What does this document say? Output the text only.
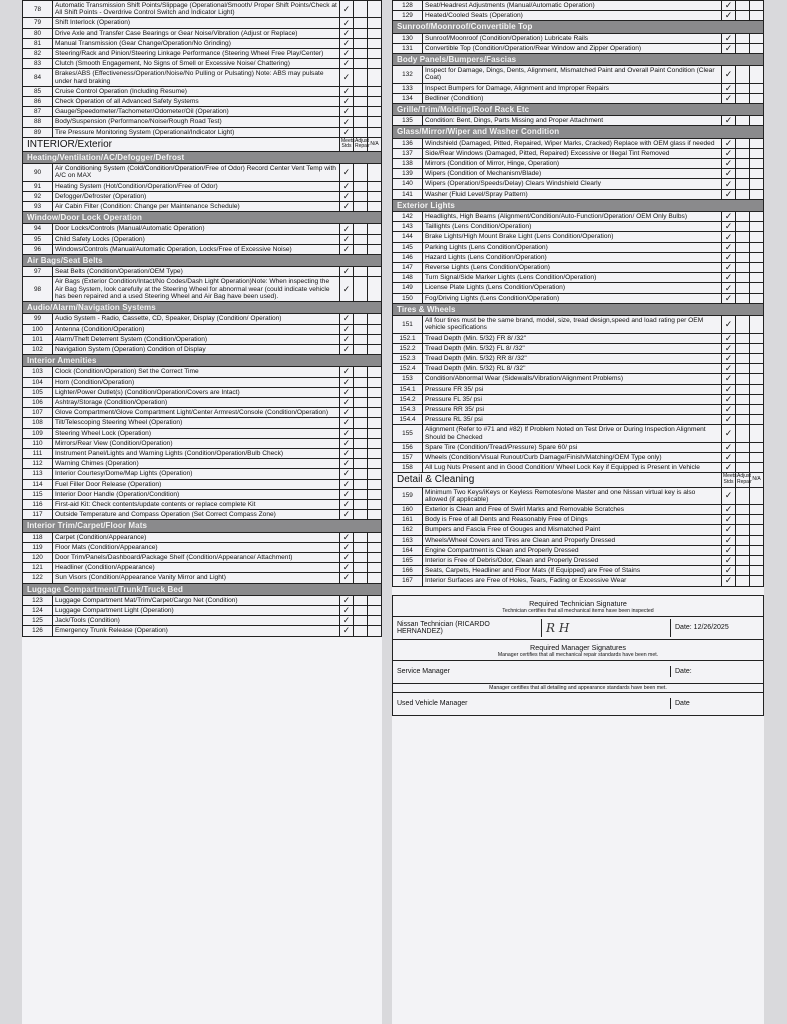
78	Automatic Transmission Shift Points/Slippage (Operational/Smooth/ Proper Shift Points/Check at All Shift Points - Overdrive Control Switch and Indicator Light)	✓		
79	Shift Interlock (Operation)	✓		
80	Drive Axle and Transfer Case Bearings or Gear Noise/Vibration (Adjust or Replace)	✓		
81	Manual Transmission (Gear Change/Operation/No Grinding)	✓		
82	Steering/Rack and Pinion/Steering Linkage Performance (Steering Wheel Free Play/Center)	✓		
83	Clutch (Smooth Engagement, No Signs of Smell or Excessive Noise/ Chattering)	✓		
84	Brakes/ABS (Effectiveness/Operation/Noise/No Pulling or Pulsating) Note: ABS may pulsate under hard braking	✓		
85	Cruise Control Operation (Including Resume)	✓		
86	Check Operation of all Advanced Safety Systems	✓		
87	Gauge/Speedometer/Tachometer/Odometer/Oil (Operation)	✓		
88	Body/Suspension (Performance/Noise/Rough Road Test)	✓		
89	Tire Pressure Monitoring System (Operational/Indicator Light)	✓		
INTERIOR/Exterior		Meets Stds	Adjust Repair	N/A
Heating/Ventilation/AC/Defogger/Defrost				
90	Air Conditioning System (Cold/Condition/Operation/Free of Odor) Record Center Vent Temp with A/C on MAX	✓		
91	Heating System (Hot/Condition/Operation/Free of Odor)	✓		
92	Defogger/Defroster (Operation)	✓		
93	Air Cabin Filter (Condition: Change per Maintenance Schedule)	✓		
Window/Door Lock Operation				
94	Door Locks/Controls (Manual/Automatic Operation)	✓		
95	Child Safety Locks (Operation)	✓		
96	Windows/Controls (Manual/Automatic Operation, Locks/Free of Excessive Noise)	✓		
Air Bags/Seat Belts				
97	Seat Belts (Condition/Operation/OEM Type)	✓		
98	Air Bags (Exterior Condition/Intact/No Codes/Dash Light Operation)Note: When inspecting the Air Bag System, look carefully at the Steering Wheel for abnormal wear (could indicate vehicle has been repaired and a used Steering Wheel and Air Bag have been used).	✓		
Audio/Alarm/Navigation Systems				
99	Audio System - Radio, Cassette, CD, Speaker, Display (Condition/ Operation)	✓		
100	Antenna (Condition/Operation)	✓		
101	Alarm/Theft Deterrent System (Condition/Operation)	✓		
102	Navigation System (Operation) Condition of Display	✓		
Interior Amenities				
103	Clock (Condition/Operation) Set the Correct Time	✓		
104	Horn (Condition/Operation)	✓		
105	Lighter/Power Outlet(s) (Condition/Operation/Covers are Intact)	✓		
106	Ashtray/Storage (Condition/Operation)	✓		
107	Glove Compartment/Glove Compartment Light/Center Armrest/Console (Condition/Operation)	✓		
108	Tilt/Telescoping Steering Wheel (Operation)	✓		
109	Steering Wheel Lock (Operation)	✓		
110	Mirrors/Rear View (Condition/Operation)	✓		
111	Instrument Panel/Lights and Warning Lights (Condition/Operation/Bulb Check)	✓		
112	Warning Chimes (Operation)	✓		
113	Interior Courtesy/Dome/Map Lights (Operation)	✓		
114	Fuel Filler Door Release (Operation)	✓		
115	Interior Door Handle (Operation/Condition)	✓		
116	First-aid Kit: Check contents/update contents or replace complete Kit	✓		
117	Outside Temperature and Compass Operation (Set Correct Compass Zone)	✓		
Interior Trim/Carpet/Floor Mats				
118	Carpet (Condition/Appearance)	✓		
119	Floor Mats (Condition/Appearance)	✓		
120	Door Trim/Panels/Dashboard/Package Shelf (Condition/Appearance/ Attachment)	✓		
121	Headliner (Condition/Appearance)	✓		
122	Sun Visors (Condition/Appearance Vanity Mirror and Light)	✓		
Luggage Compartment/Trunk/Truck Bed				
123	Luggage Compartment Mat/Trim/Carpet/Cargo Net (Condition)	✓		
124	Luggage Compartment Light (Operation)	✓		
125	Jack/Tools (Condition)	✓		
126	Emergency Trunk Release (Operation)	✓		
128	Seat/Headrest Adjustments (Manual/Automatic Operation)	✓		
129	Heated/Cooled Seats (Operation)	✓		
Sunroof/Moonroof/Convertible Top				
130	Sunroof/Moonroof (Condition/Operation) Lubricate Rails	✓		
131	Convertible Top (Condition/Operation/Rear Window and Zipper Operation)	✓		
Body Panels/Bumpers/Fascias				
132	Inspect for Damage, Dings, Dents, Alignment, Mismatched Paint and Overall Paint Condition (Clear Coat)	✓		
133	Inspect Bumpers for Damage, Alignment and Improper Repairs	✓		
134	Bedliner (Condition)	✓		
Grille/Trim/Molding/Roof Rack Etc				
135	Condition: Bent, Dings, Parts Missing and Proper Attachment	✓		
Glass/Mirror/Wiper and Washer Condition				
136	Windshield (Damaged, Pitted, Repaired, Wiper Marks, Cracked) Replace with OEM glass if needed	✓		
137	Side/Rear Windows (Damaged, Pitted, Repaired) Excessive or Illegal Tint Removed	✓		
138	Mirrors (Condition of Mirror, Hinge, Operation)	✓		
139	Wipers (Condition of Mechanism/Blade)	✓		
140	Wipers (Operation/Speeds/Delay) Clears Windshield Clearly	✓		
141	Washer (Fluid Level/Spray Pattern)	✓		
Exterior Lights				
142	Headlights, High Beams (Alignment/Condition/Auto-Function/Operation/ OEM Only Bulbs)	✓		
143	Taillights (Lens Condition/Operation)	✓		
144	Brake Lights/High Mount Brake Light (Lens Condition/Operation)	✓		
145	Parking Lights (Lens Condition/Operation)	✓		
146	Hazard Lights (Lens Condition/Operation)	✓		
147	Reverse Lights (Lens Condition/Operation)	✓		
148	Turn Signal/Side Marker Lights (Lens Condition/Operation)	✓		
149	License Plate Lights (Lens Condition/Operation)	✓		
150	Fog/Driving Lights (Lens Condition/Operation)	✓		
Tires & Wheels				
151	All four tires must be the same brand, model, size, tread design,speed and load rating per OEM vehicle specifications	✓		
152.1	Tread Depth (Min. 5/32) FR 8/ /32"	✓		
152.2	Tread Depth (Min. 5/32) FL 8/ /32"	✓		
152.3	Tread Depth (Min. 5/32) RR 8/ /32"	✓		
152.4	Tread Depth (Min. 5/32) RL 8/ /32"	✓		
153	Condition/Abnormal Wear (Sidewalls/Vibration/Alignment Problems)	✓		
154.1	Pressure FR 35/ psi	✓		
154.2	Pressure FL 35/ psi	✓		
154.3	Pressure RR 35/ psi	✓		
154.4	Pressure RL 35/ psi	✓		
155	Alignment (Refer to #71 and #82) If Problem Noted on Test Drive or During Inspection Alignment Should be Checked	✓		
156	Spare Tire (Condition/Tread/Pressure) Spare 60/ psi	✓		
157	Wheels (Condition/Visual Runout/Curb Damage/Finish/Matching/OEM Type only)	✓		
158	All Lug Nuts Present and in Good Condition/ Wheel Lock Key if Equipped is Present in Vehicle	✓		
Detail & Cleaning		Meets Stds	Adjust Repair	N/A
159	Minimum Two Keys/iKeys or Keyless Remotes/one Master and one Nissan virtual key is also allowed (if applicable)	✓		
160	Exterior is Clean and Free of Swirl Marks and Removable Scratches	✓		
161	Body is Free of all Dents and Reasonably Free of Dings	✓		
162	Bumpers and Fascia Free of Gouges and Mismatched Paint	✓		
163	Wheels/Wheel Covers and Tires are Clean and Properly Dressed	✓		
164	Engine Compartment is Clean and Properly Dressed	✓		
165	Interior is Free of Debris/Odor, Clean and Properly Dressed	✓		
166	Seats, Carpets, Headliner and Floor Mats (If Equipped) are Free of Stains	✓		
167	Interior Surfaces are Free of Holes, Tears, Fading or Excessive Wear	✓		
Required Technician Signature
Technician certifies that all mechanical items have been inspected
Nissan Technician (RICARDO HERNANDEZ)	R H	Date: 12/26/2025
Required Manager Signatures
Manager certifies that all mechanical repair standards have been met.
Service Manager	Date:
Manager certifies that all detailing and appearance standards have been met.
Used Vehicle Manager	Date
